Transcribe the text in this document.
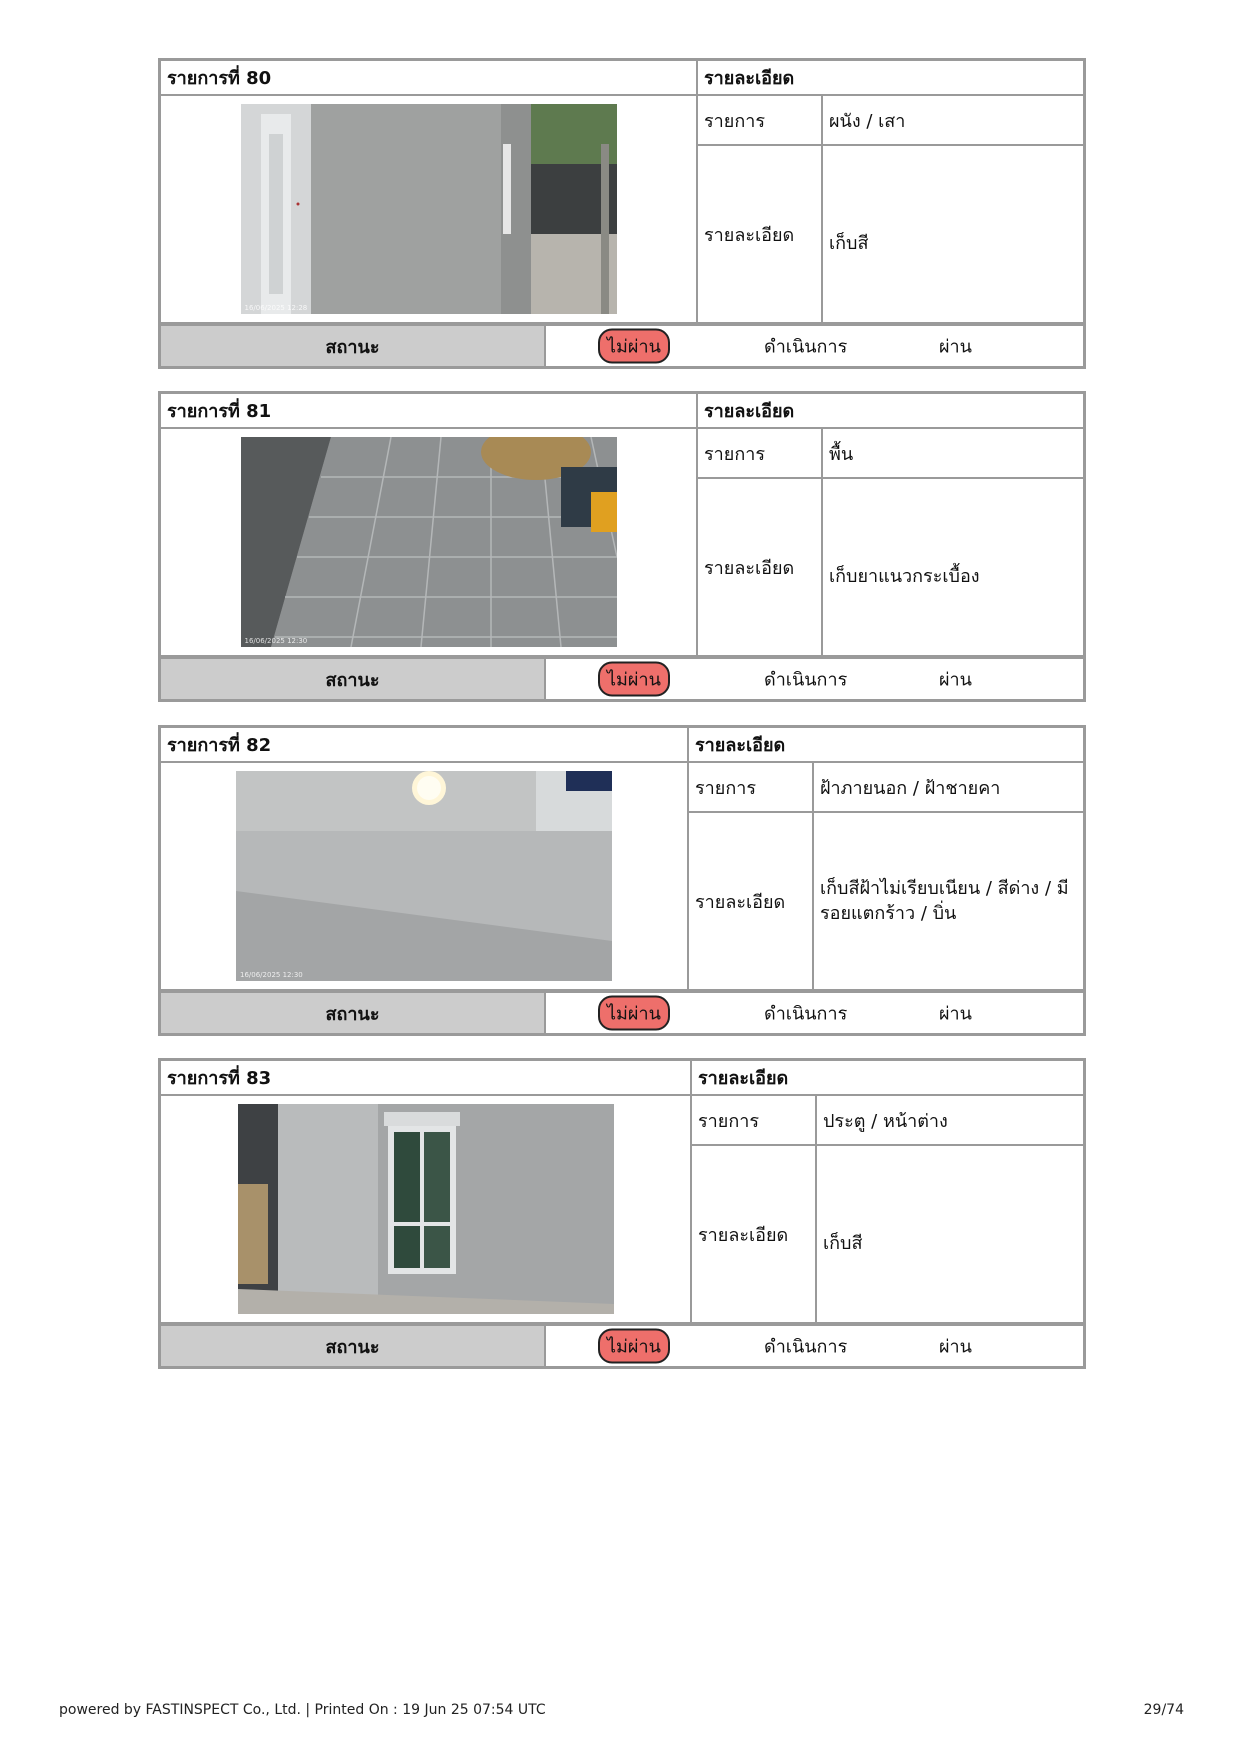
รายการที่ 80	รายละเอียด	

16/06/2025 12:28	รายการ	ผนัง / เสา
	รายละเอียด	เก็บสี
สถานะ	ไม่ผ่าน	ดำเนินการ	ผ่าน
รายการที่ 81	รายละเอียด	

16/06/2025 12:30	รายการ	พื้น
	รายละเอียด	เก็บยาแนวกระเบื้อง
สถานะ	ไม่ผ่าน	ดำเนินการ	ผ่าน
รายการที่ 82	รายละเอียด	

16/06/2025 12:30	รายการ	ฝ้าภายนอก / ฝ้าชายคา
	รายละเอียด	เก็บสีฝ้าไม่เรียบเนียน / สีด่าง / มีรอยแตกร้าว / บิ่น
สถานะ	ไม่ผ่าน	ดำเนินการ	ผ่าน
รายการที่ 83	รายละเอียด	

	รายการ	ประตู / หน้าต่าง
	รายละเอียด	เก็บสี
สถานะ	ไม่ผ่าน	ดำเนินการ	ผ่าน
powered by FASTINSPECT Co., Ltd. | Printed On : 19 Jun 25 07:54 UTC	29/74
